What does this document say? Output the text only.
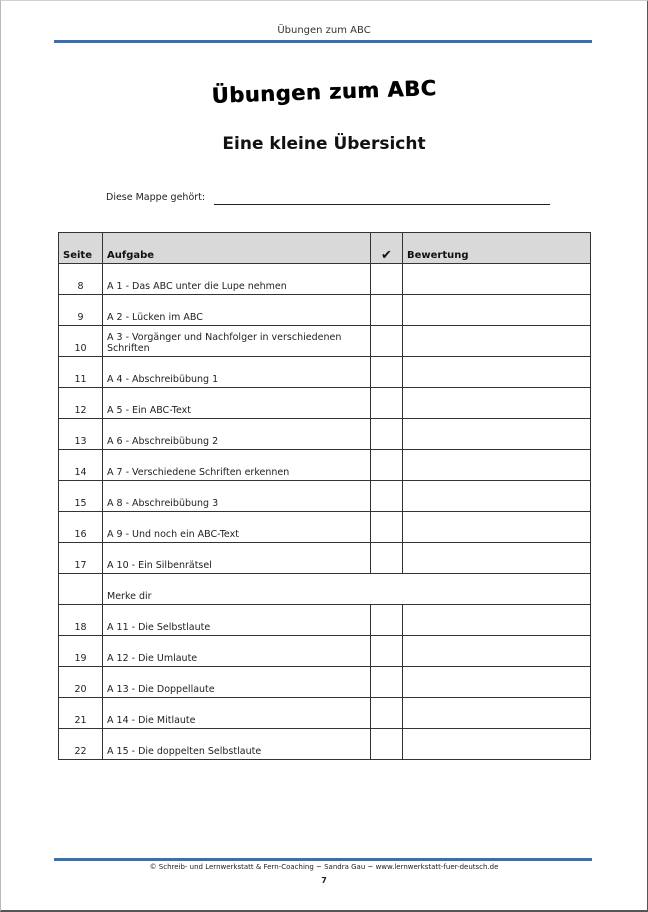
Übungen zum ABC
Übungen zum ABC
Eine kleine Übersicht
Diese Mappe gehört:
Seite	Aufgabe	✔	Bewertung
8	A 1 - Das ABC unter die Lupe nehmen		
9	A 2 - Lücken im ABC		
10	A 3 - Vorgänger und Nachfolger in verschiedenen Schriften		
11	A 4 - Abschreibübung 1		
12	A 5 - Ein ABC-Text		
13	A 6 - Abschreibübung 2		
14	A 7 - Verschiedene Schriften erkennen		
15	A 8 - Abschreibübung 3		
16	A 9 - Und noch ein ABC-Text		
17	A 10 - Ein Silbenrätsel		
	Merke dir		
18	A 11 - Die Selbstlaute		
19	A 12 - Die Umlaute		
20	A 13 - Die Doppellaute		
21	A 14 - Die Mitlaute		
22	A 15 - Die doppelten Selbstlaute		
© Schreib- und Lernwerkstatt & Fern-Coaching ~ Sandra Gau ~ www.lernwerkstatt-fuer-deutsch.de
7
